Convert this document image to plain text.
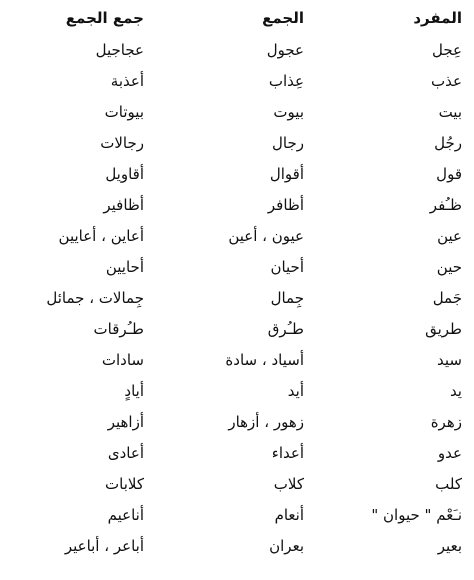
المفرد
الجمع
جمع الجمع
عِجل
عجول
عجاجيل
عذب
عِذاب
أعذبة
بيت
بيوت
بيوتات
رجُل
رجال
رجالات
قول
أقوال
أقاويل
ظـُفر
أظافر
أظافير
عين
عيون ، أعين
أعاين ، أعايين
حين
أحيان
أحايين
جَمل
جِمال
جِمالات ، جمائل
طريق
طـُرق
طـُرقات
سيد
أسياد ، سادة
سادات
يد
أيد
أيادٍ
زهرة
زهور ، أزهار
أزاهير
عدو
أعداء
أعادى
كلب
كلاب
كلابات
نـَعْم " حيوان "
أنعام
أناعيم
بعير
بعران
أباعر ، أباعير
